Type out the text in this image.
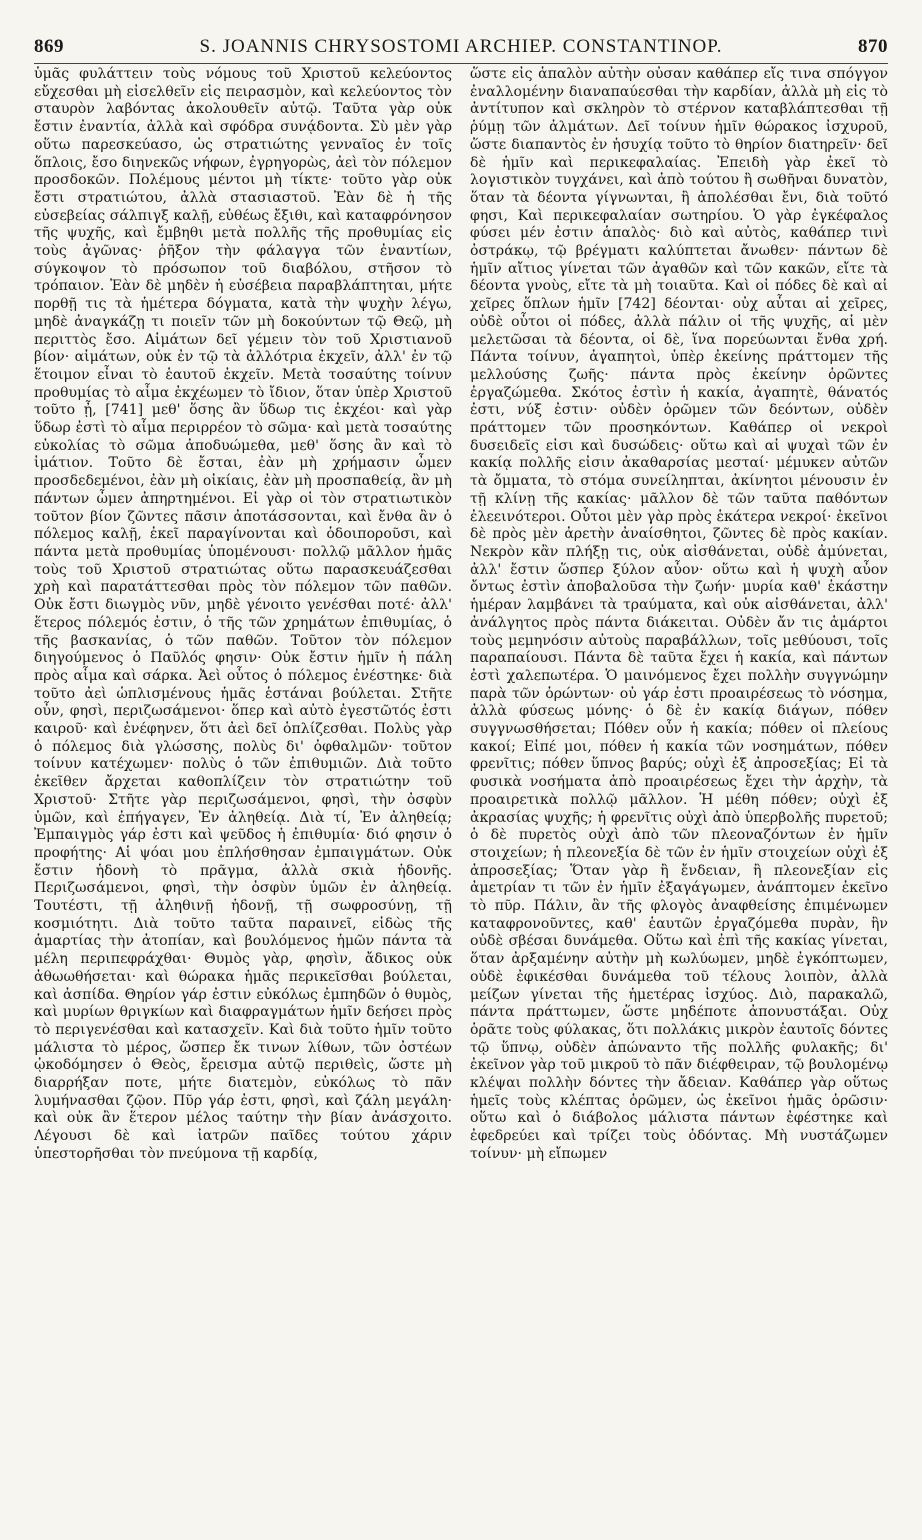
869	S. JOANNIS CHRYSOSTOMI ARCHIEP. CONSTANTINOP.	870

ὑμᾶς φυλάττειν τοὺς νόμους τοῦ Χριστοῦ κελεύοντος εὔχεσθαι μὴ εἰσελθεῖν εἰς πειρασμὸν, καὶ κελεύοντος τὸν σταυρὸν λαβόντας ἀκολουθεῖν αὐτῷ. Ταῦτα γὰρ οὐκ ἔστιν ἐναντία, ἀλλὰ καὶ σφόδρα συνᾴδοντα. Σὺ μὲν γὰρ οὕτω παρεσκεύασο, ὡς στρατιώτης γενναῖος ἐν τοῖς ὅπλοις, ἔσο διηνεκῶς νήφων, ἐγρηγορὼς, ἀεὶ τὸν πόλεμον προσδοκῶν. Πολέμους μέντοι μὴ τίκτε· τοῦτο γὰρ οὐκ ἔστι στρατιώτου, ἀλλὰ στασιαστοῦ. Ἐὰν δὲ ἡ τῆς εὐσεβείας σάλπιγξ καλῇ, εὐθέως ἔξιθι, καὶ καταφρόνησον τῆς ψυχῆς, καὶ ἔμβηθι μετὰ πολλῆς τῆς προθυμίας εἰς τοὺς ἀγῶνας· ῥῆξον τὴν φάλαγγα τῶν ἐναντίων, σύγκοψον τὸ πρόσωπον τοῦ διαβόλου, στῆσον τὸ τρόπαιον. Ἐὰν δὲ μηδὲν ἡ εὐσέβεια παραβλάπτηται, μήτε πορθῇ τις τὰ ἡμέτερα δόγματα, κατὰ τὴν ψυχὴν λέγω, μηδὲ ἀναγκάζῃ τι ποιεῖν τῶν μὴ δοκούντων τῷ Θεῷ, μὴ περιττὸς ἔσο. Αἱμάτων δεῖ γέμειν τὸν τοῦ Χριστιανοῦ βίον· αἱμάτων, οὐκ ἐν τῷ τὰ ἀλλότρια ἐκχεῖν, ἀλλ' ἐν τῷ ἕτοιμον εἶναι τὸ ἑαυτοῦ ἐκχεῖν. Μετὰ τοσαύτης τοίνυν προθυμίας τὸ αἷμα ἐκχέωμεν τὸ ἴδιον, ὅταν ὑπὲρ Χριστοῦ τοῦτο ᾖ, [741] μεθ' ὅσης ἂν ὕδωρ τις ἐκχέοι· καὶ γὰρ ὕδωρ ἐστὶ τὸ αἷμα περιρρέον τὸ σῶμα· καὶ μετὰ τοσαύτης εὐκολίας τὸ σῶμα ἀποδυώμεθα, μεθ' ὅσης ἂν καὶ τὸ ἱμάτιον. Τοῦτο δὲ ἔσται, ἐὰν μὴ χρήμασιν ὦμεν προσδεδεμένοι, ἐὰν μὴ οἰκίαις, ἐὰν μὴ προσπαθείᾳ, ἂν μὴ πάντων ὦμεν ἀπηρτημένοι. Εἰ γὰρ οἱ τὸν στρατιωτικὸν τοῦτον βίον ζῶντες πᾶσιν ἀποτάσσονται, καὶ ἔνθα ἂν ὁ πόλεμος καλῇ, ἐκεῖ παραγίνονται καὶ ὁδοιποροῦσι, καὶ πάντα μετὰ προθυμίας ὑπομένουσι· πολλῷ μᾶλλον ἡμᾶς τοὺς τοῦ Χριστοῦ στρατιώτας οὕτω παρασκευάζεσθαι χρὴ καὶ παρατάττεσθαι πρὸς τὸν πόλεμον τῶν παθῶν. Οὐκ ἔστι διωγμὸς νῦν, μηδὲ γένοιτο γενέσθαι ποτέ· ἀλλ' ἕτερος πόλεμός ἐστιν, ὁ τῆς τῶν χρημάτων ἐπιθυμίας, ὁ τῆς βασκανίας, ὁ τῶν παθῶν. Τοῦτον τὸν πόλεμον διηγούμενος ὁ Παῦλός φησιν· Οὐκ ἔστιν ἡμῖν ἡ πάλη πρὸς αἷμα καὶ σάρκα. Ἀεὶ οὗτος ὁ πόλεμος ἐνέστηκε· διὰ τοῦτο ἀεὶ ὡπλισμένους ἡμᾶς ἑστάναι βούλεται. Στῆτε οὖν, φησὶ, περιζωσάμενοι· ὅπερ καὶ αὐτὸ ἐγεστῶτός ἐστι καιροῦ· καὶ ἐνέφηνεν, ὅτι ἀεὶ δεῖ ὁπλίζεσθαι. Πολὺς γὰρ ὁ πόλεμος διὰ γλώσσης, πολὺς δι' ὀφθαλμῶν· τοῦτον τοίνυν κατέχωμεν· πολὺς ὁ τῶν ἐπιθυμιῶν. Διὰ τοῦτο ἐκεῖθεν ἄρχεται καθοπλίζειν τὸν στρατιώτην τοῦ Χριστοῦ· Στῆτε γὰρ περιζωσάμενοι, φησὶ, τὴν ὀσφὺν ὑμῶν, καὶ ἐπήγαγεν, Ἐν ἀληθείᾳ. Διὰ τί, Ἐν ἀληθείᾳ; Ἐμπαιγμὸς γάρ ἐστι καὶ ψεῦδος ἡ ἐπιθυμία· διό φησιν ὁ προφήτης· Αἱ ψόαι μου ἐπλήσθησαν ἐμπαιγμάτων. Οὐκ ἔστιν ἡδονὴ τὸ πρᾶγμα, ἀλλὰ σκιὰ ἡδονῆς. Περιζωσάμενοι, φησὶ, τὴν ὀσφὺν ὑμῶν ἐν ἀληθείᾳ. Τουτέστι, τῇ ἀληθινῇ ἡδονῇ, τῇ σωφροσύνῃ, τῇ κοσμιότητι. Διὰ τοῦτο ταῦτα παραινεῖ, εἰδὼς τῆς ἁμαρτίας τὴν ἀτοπίαν, καὶ βουλόμενος ἡμῶν πάντα τὰ μέλη περιπεφράχθαι· Θυμὸς γὰρ, φησὶν, ἄδικος οὐκ ἀθωωθήσεται· καὶ θώρακα ἡμᾶς περικεῖσθαι βούλεται, καὶ ἀσπίδα. Θηρίον γάρ ἐστιν εὐκόλως ἐμπηδῶν ὁ θυμὸς, καὶ μυρίων θριγκίων καὶ διαφραγμάτων ἡμῖν δεήσει πρὸς τὸ περιγενέσθαι καὶ κατασχεῖν. Καὶ διὰ τοῦτο ἡμῖν τοῦτο μάλιστα τὸ μέρος, ὥσπερ ἔκ τινων λίθων, τῶν ὀστέων ᾠκοδόμησεν ὁ Θεὸς, ἔρεισμα αὐτῷ περιθεὶς, ὥστε μὴ διαρρήξαν ποτε, μήτε διατεμὸν, εὐκόλως τὸ πᾶν λυμήνασθαι ζῷον. Πῦρ γάρ ἐστι, φησὶ, καὶ ζάλη μεγάλη· καὶ οὐκ ἂν ἕτερον μέλος ταύτην τὴν βίαν ἀνάσχοιτο. Λέγουσι δὲ καὶ ἰατρῶν παῖδες τούτου χάριν ὑπεστορῆσθαι τὸν πνεύμονα τῇ καρδίᾳ,

ὥστε εἰς ἁπαλὸν αὐτὴν οὖσαν καθάπερ εἴς τινα σπόγγον ἐναλλομένην διαναπαύεσθαι τὴν καρδίαν, ἀλλὰ μὴ εἰς τὸ ἀντίτυπον καὶ σκληρὸν τὸ στέρνον καταβλάπτεσθαι τῇ ῥύμῃ τῶν ἁλμάτων. Δεῖ τοίνυν ἡμῖν θώρακος ἰσχυροῦ, ὥστε διαπαντὸς ἐν ἡσυχίᾳ τοῦτο τὸ θηρίον διατηρεῖν· δεῖ δὲ ἡμῖν καὶ περικεφαλαίας. Ἐπειδὴ γὰρ ἐκεῖ τὸ λογιστικὸν τυγχάνει, καὶ ἀπὸ τούτου ἢ σωθῆναι δυνατὸν, ὅταν τὰ δέοντα γίγνωνται, ἢ ἀπολέσθαι ἔνι, διὰ τοῦτό φησι, Καὶ περικεφαλαίαν σωτηρίου. Ὁ γὰρ ἐγκέφαλος φύσει μέν ἐστιν ἁπαλὸς· διὸ καὶ αὐτὸς, καθάπερ τινὶ ὀστράκῳ, τῷ βρέγματι καλύπτεται ἄνωθεν· πάντων δὲ ἡμῖν αἴτιος γίνεται τῶν ἀγαθῶν καὶ τῶν κακῶν, εἴτε τὰ δέοντα γνοὺς, εἴτε τὰ μὴ τοιαῦτα. Καὶ οἱ πόδες δὲ καὶ αἱ χεῖρες ὅπλων ἡμῖν [742] δέονται· οὐχ αὗται αἱ χεῖρες, οὐδὲ οὗτοι οἱ πόδες, ἀλλὰ πάλιν οἱ τῆς ψυχῆς, αἱ μὲν μελετῶσαι τὰ δέοντα, οἱ δὲ, ἵνα πορεύωνται ἔνθα χρή. Πάντα τοίνυν, ἀγαπητοὶ, ὑπὲρ ἐκείνης πράττομεν τῆς μελλούσης ζωῆς· πάντα πρὸς ἐκείνην ὁρῶντες ἐργαζώμεθα. Σκότος ἐστὶν ἡ κακία, ἀγαπητὲ, θάνατός ἐστι, νύξ ἐστιν· οὐδὲν ὁρῶμεν τῶν δεόντων, οὐδὲν πράττομεν τῶν προσηκόντων. Καθάπερ οἱ νεκροὶ δυσειδεῖς εἰσι καὶ δυσώδεις· οὕτω καὶ αἱ ψυχαὶ τῶν ἐν κακίᾳ πολλῆς εἰσιν ἀκαθαρσίας μεσταί· μέμυκεν αὐτῶν τὰ ὄμματα, τὸ στόμα συνείληπται, ἀκίνητοι μένουσιν ἐν τῇ κλίνῃ τῆς κακίας· μᾶλλον δὲ τῶν ταῦτα παθόντων ἐλεεινότεροι. Οὗτοι μὲν γὰρ πρὸς ἑκάτερα νεκροί· ἐκεῖνοι δὲ πρὸς μὲν ἀρετὴν ἀναίσθητοι, ζῶντες δὲ πρὸς κακίαν. Νεκρὸν κἂν πλήξῃ τις, οὐκ αἰσθάνεται, οὐδὲ ἀμύνεται, ἀλλ' ἔστιν ὥσπερ ξύλον αὖον· οὕτω καὶ ἡ ψυχὴ αὖον ὄντως ἐστὶν ἀποβαλοῦσα τὴν ζωήν· μυρία καθ' ἑκάστην ἡμέραν λαμβάνει τὰ τραύματα, καὶ οὐκ αἰσθάνεται, ἀλλ' ἀνάλγητος πρὸς πάντα διάκειται. Οὐδὲν ἄν τις ἁμάρτοι τοὺς μεμηνόσιν αὐτοὺς παραβάλλων, τοῖς μεθύουσι, τοῖς παραπαίουσι. Πάντα δὲ ταῦτα ἔχει ἡ κακία, καὶ πάντων ἐστὶ χαλεπωτέρα. Ὁ μαινόμενος ἔχει πολλὴν συγγνώμην παρὰ τῶν ὁρώντων· οὐ γάρ ἐστι προαιρέσεως τὸ νόσημα, ἀλλὰ φύσεως μόνης· ὁ δὲ ἐν κακίᾳ διάγων, πόθεν συγγνωσθήσεται; Πόθεν οὖν ἡ κακία; πόθεν οἱ πλείους κακοί; Εἰπέ μοι, πόθεν ἡ κακία τῶν νοσημάτων, πόθεν φρενῖτις; πόθεν ὕπνος βαρύς; οὐχὶ ἐξ ἀπροσεξίας; Εἰ τὰ φυσικὰ νοσήματα ἀπὸ προαιρέσεως ἔχει τὴν ἀρχὴν, τὰ προαιρετικὰ πολλῷ μᾶλλον. Ἡ μέθη πόθεν; οὐχὶ ἐξ ἀκρασίας ψυχῆς; ἡ φρενῖτις οὐχὶ ἀπὸ ὑπερβολῆς πυρετοῦ; ὁ δὲ πυρετὸς οὐχὶ ἀπὸ τῶν πλεοναζόντων ἐν ἡμῖν στοιχείων; ἡ πλεονεξία δὲ τῶν ἐν ἡμῖν στοιχείων οὐχὶ ἐξ ἀπροσεξίας; Ὅταν γὰρ ἢ ἔνδειαν, ἢ πλεονεξίαν εἰς ἀμετρίαν τι τῶν ἐν ἡμῖν ἐξαγάγωμεν, ἀνάπτομεν ἐκεῖνο τὸ πῦρ. Πάλιν, ἂν τῆς φλογὸς ἀναφθείσης ἐπιμένωμεν καταφρονοῦντες, καθ' ἑαυτῶν ἐργαζόμεθα πυρὰν, ἣν οὐδὲ σβέσαι δυνάμεθα. Οὕτω καὶ ἐπὶ τῆς κακίας γίνεται, ὅταν ἀρξαμένην αὐτὴν μὴ κωλύωμεν, μηδὲ ἐγκόπτωμεν, οὐδὲ ἐφικέσθαι δυνάμεθα τοῦ τέλους λοιπὸν, ἀλλὰ μείζων γίνεται τῆς ἡμετέρας ἰσχύος. Διὸ, παρακαλῶ, πάντα πράττωμεν, ὥστε μηδέποτε ἀπονυστάξαι. Οὐχ ὁρᾶτε τοὺς φύλακας, ὅτι πολλάκις μικρὸν ἑαυτοῖς δόντες τῷ ὕπνῳ, οὐδὲν ἀπώναντο τῆς πολλῆς φυλακῆς; δι' ἐκεῖνον γὰρ τοῦ μικροῦ τὸ πᾶν διέφθειραν, τῷ βουλομένῳ κλέψαι πολλὴν δόντες τὴν ἄδειαν. Καθάπερ γὰρ οὕτως ἡμεῖς τοὺς κλέπτας ὁρῶμεν, ὡς ἐκεῖνοι ἡμᾶς ὁρῶσιν· οὕτω καὶ ὁ διάβολος μάλιστα πάντων ἐφέστηκε καὶ ἐφεδρεύει καὶ τρίζει τοὺς ὀδόντας. Μὴ νυστάζωμεν τοίνυν· μὴ εἴπωμεν
